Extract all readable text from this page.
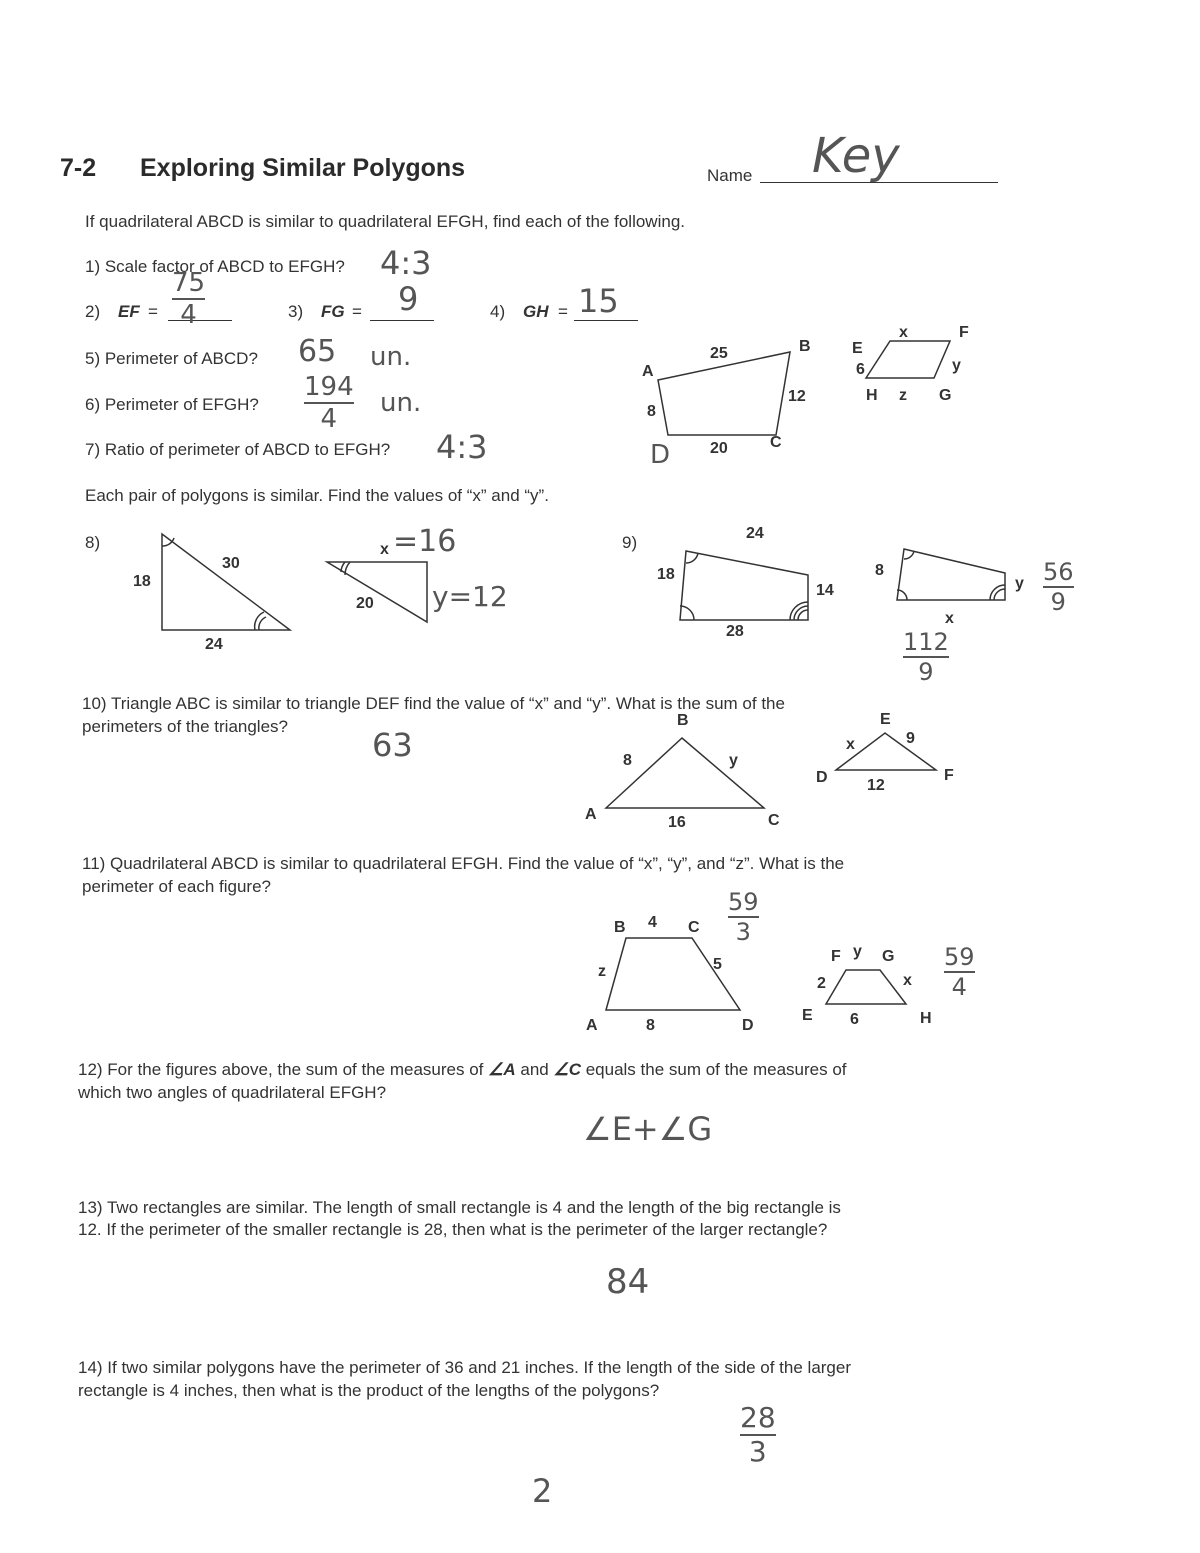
7-2 Exploring Similar Polygons	Name Key
If quadrilateral ABCD is similar to quadrilateral EFGH, find each of the following.
1) Scale factor of ABCD to EFGH? 4:3
2) EF =
75
4	3) FG = 9	4) GH = 15
5) Perimeter of ABCD? 65 un.
6) Perimeter of EFGH?
194
4
un.
7) Ratio of perimeter of ABCD to EFGH? 4:3
A
B
C
D
25
12
20
8
E
6
x	F
y
H z G
Each pair of polygons is similar. Find the values of “x” and “y”.
8)
18
30
24
x =16
20 y=12
9)	24
18
14
28
8
x
y
112
9
56
9
10) Triangle ABC is similar to triangle DEF find the value of “x” and “y”. What is the sum of the perimeters of the triangles?	63
B
A	C
8	y
16
E
x	9
D 12
F
11) Quadrilateral ABCD is similar to quadrilateral EFGH. Find the value of “x”, “y”, and “z”. What is the perimeter of each figure?
B 4 C
z	5
A	8	D
59
3
F y G
2	x
E 6	H
59
4
12) For the figures above, the sum of the measures of ∠A and ∠C equals the sum of the measures of which two angles of quadrilateral EFGH?
∠E+∠G
13) Two rectangles are similar. The length of small rectangle is 4 and the length of the big rectangle is 12. If the perimeter of the smaller rectangle is 28, then what is the perimeter of the larger rectangle?
84
14) If two similar polygons have the perimeter of 36 and 21 inches. If the length of the side of the larger rectangle is 4 inches, then what is the product of the lengths of the polygons?
28
3
2
